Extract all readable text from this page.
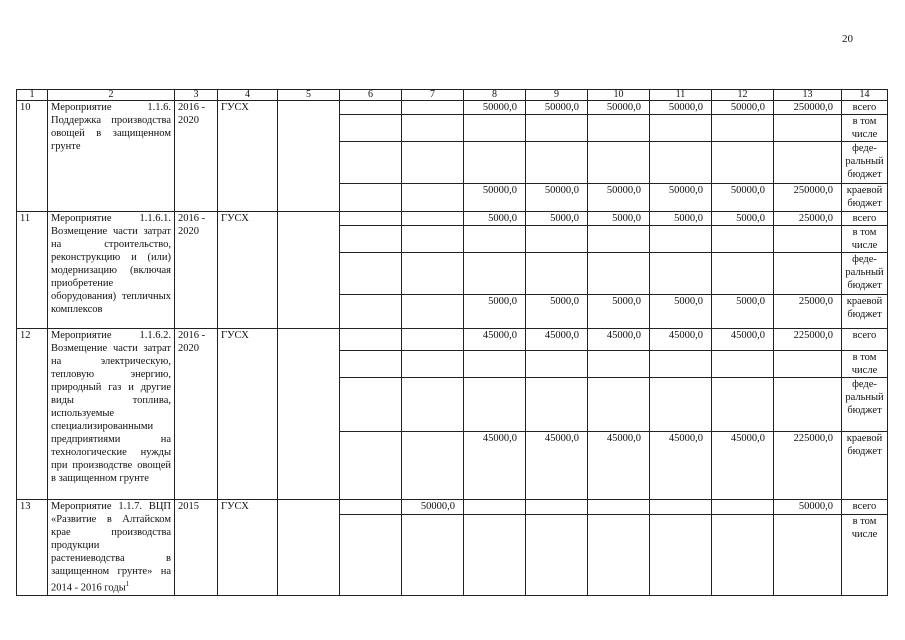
20
1	2	3	4	5	6	7	8	9	10	11	12	13	14
10	Мероприятие 1.1.6. Поддержка производства овощей в защищенном грунте	2016 - 2020	ГУСХ				50000,0	50000,0	50000,0	50000,0	50000,0	250000,0	всего
													в том числе
													феде-ральный бюджет
							50000,0	50000,0	50000,0	50000,0	50000,0	250000,0	краевой бюджет
11	Мероприятие 1.1.6.1. Возмещение части затрат на строительство, реконструкцию и (или) модернизацию (включая приобретение оборудования) тепличных комплексов	2016 - 2020	ГУСХ				5000,0	5000,0	5000,0	5000,0	5000,0	25000,0	всего
													в том числе
													феде-ральный бюджет
							5000,0	5000,0	5000,0	5000,0	5000,0	25000,0	краевой бюджет
12	Мероприятие 1.1.6.2. Возмещение части затрат на электрическую, тепловую энергию, природный газ и другие виды топлива, используемые специализированными предприятиями на технологические нужды при производстве овощей в защищенном грунте	2016 - 2020	ГУСХ				45000,0	45000,0	45000,0	45000,0	45000,0	225000,0	всего
													в том числе
													феде-ральный бюджет
							45000,0	45000,0	45000,0	45000,0	45000,0	225000,0	краевой бюджет
13	Мероприятие 1.1.7. ВЦП «Развитие в Алтайском крае производства продукции растениеводства в защищенном грунте» на 2014 - 2016 годы$^1$	2015	ГУСХ			50000,0						50000,0	всего
													в том числе
